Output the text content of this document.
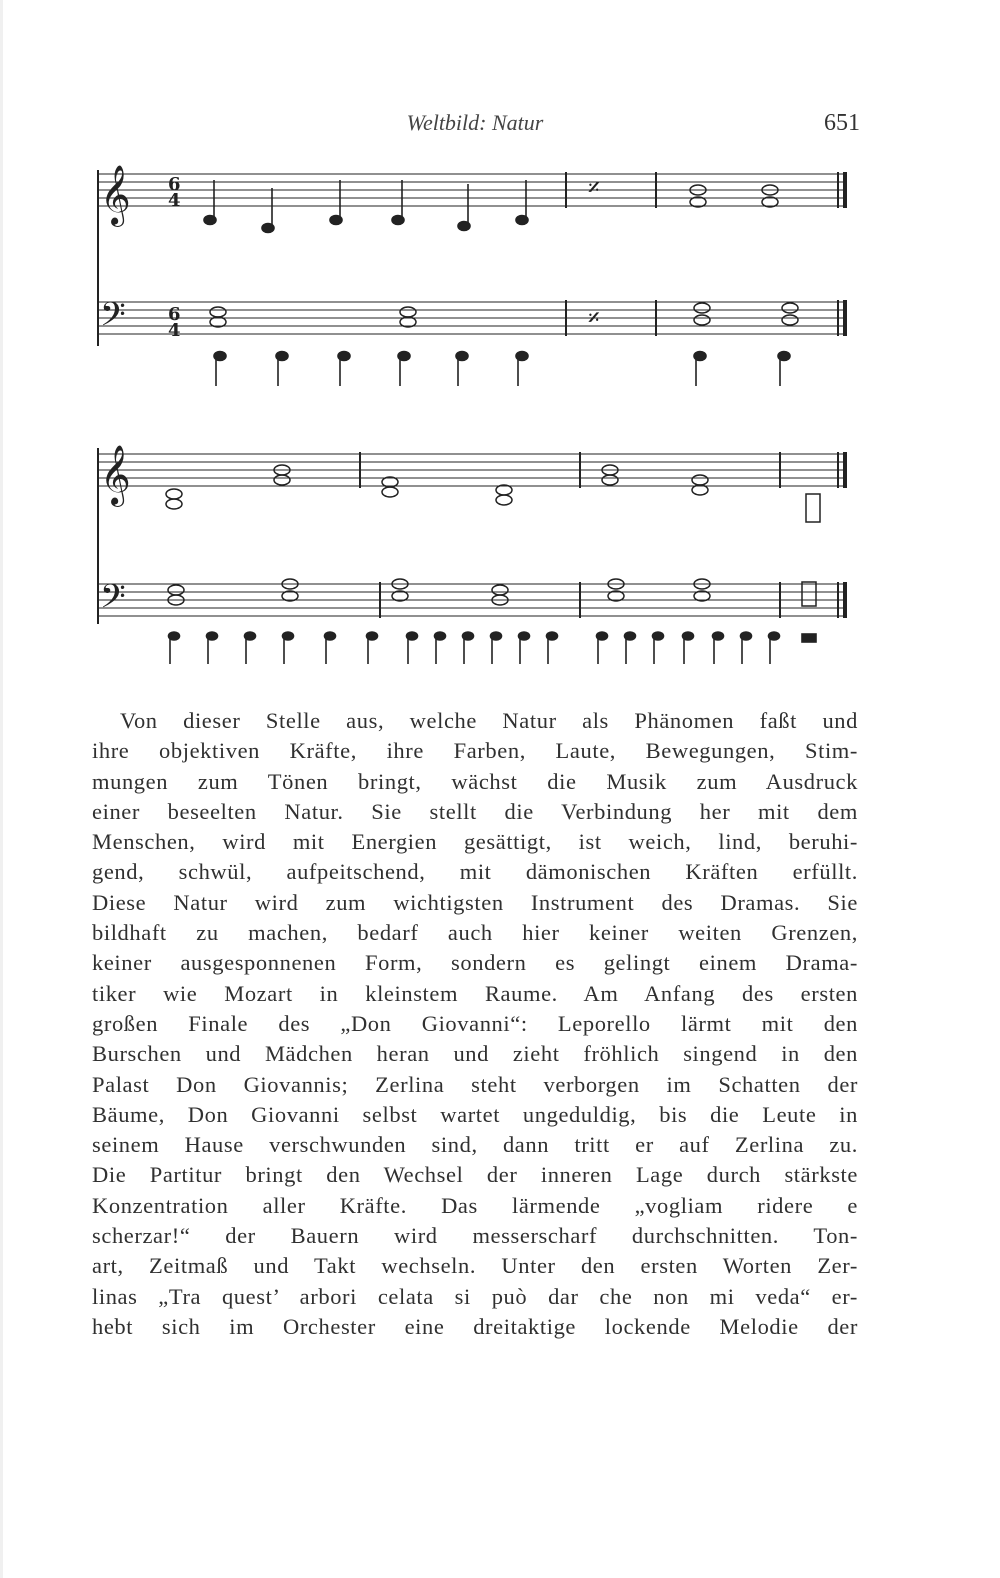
Weltbild: Natur	651
𝄞 6
4	𝄎
𝄢 6
4	𝄎
𝄞
𝄢
Von dieser Stelle aus, welche Natur als Phänomen faßt und
ihre objektiven Kräfte, ihre Farben, Laute, Bewegungen, Stim-
mungen zum Tönen bringt, wächst die Musik zum Ausdruck
einer beseelten Natur. Sie stellt die Verbindung her mit dem
Menschen, wird mit Energien gesättigt, ist weich, lind, beruhi-
gend, schwül, aufpeitschend, mit dämonischen Kräften erfüllt.
Diese Natur wird zum wichtigsten Instrument des Dramas. Sie
bildhaft zu machen, bedarf auch hier keiner weiten Grenzen,
keiner ausgesponnenen Form, sondern es gelingt einem Drama-
tiker wie Mozart in kleinstem Raume. Am Anfang des ersten
großen Finale des „Don Giovanni“: Leporello lärmt mit den
Burschen und Mädchen heran und zieht fröhlich singend in den
Palast Don Giovannis; Zerlina steht verborgen im Schatten der
Bäume, Don Giovanni selbst wartet ungeduldig, bis die Leute in
seinem Hause verschwunden sind, dann tritt er auf Zerlina zu.
Die Partitur bringt den Wechsel der inneren Lage durch stärkste
Konzentration aller Kräfte. Das lärmende „vogliam ridere e
scherzar!“ der Bauern wird messerscharf durchschnitten. Ton-
art, Zeitmaß und Takt wechseln. Unter den ersten Worten Zer-
linas „Tra quest’ arbori celata si può dar che non mi veda“ er-
hebt sich im Orchester eine dreitaktige lockende Melodie der
